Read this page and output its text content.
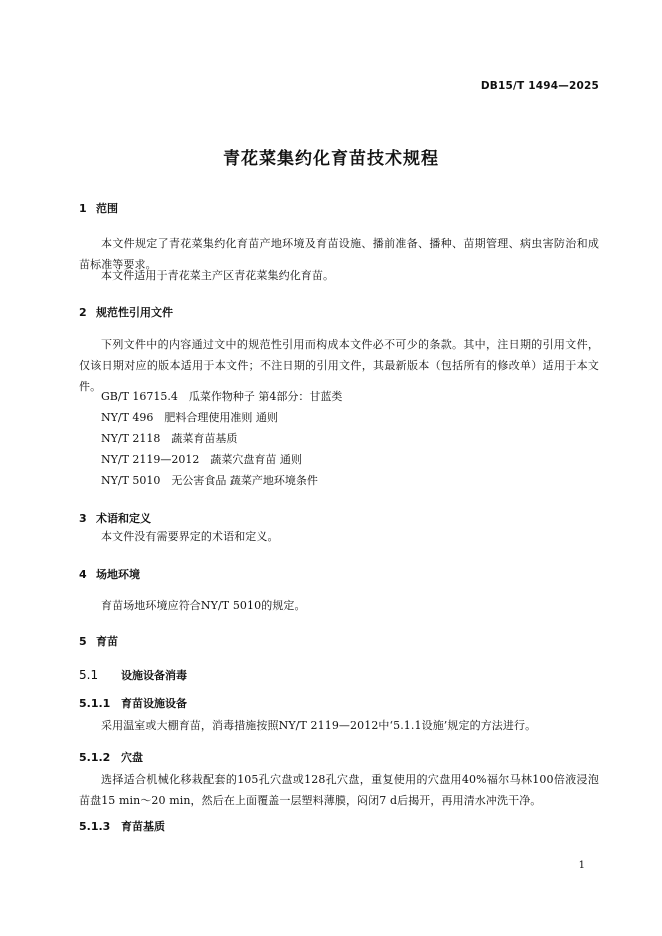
DB15/T 1494—2025
青花菜集约化育苗技术规程
1 范围
本文件规定了青花菜集约化育苗产地环境及育苗设施、播前准备、播种、苗期管理、病虫害防治和成苗标准等要求。
本文件适用于青花菜主产区青花菜集约化育苗。
2 规范性引用文件
下列文件中的内容通过文中的规范性引用而构成本文件必不可少的条款。其中，注日期的引用文件，仅该日期对应的版本适用于本文件；不注日期的引用文件，其最新版本（包括所有的修改单）适用于本文件。
GB/T 16715.4　瓜菜作物种子 第4部分：甘蓝类
NY/T 496　肥料合理使用准则 通则
NY/T 2118　蔬菜育苗基质
NY/T 2119—2012　蔬菜穴盘育苗 通则
NY/T 5010　无公害食品 蔬菜产地环境条件
3 术语和定义
本文件没有需要界定的术语和定义。
4 场地环境
育苗场地环境应符合NY/T 5010的规定。
5 育苗
5.1 设施设备消毒
5.1.1 育苗设施设备
采用温室或大棚育苗，消毒措施按照NY/T 2119—2012中‘5.1.1设施’规定的方法进行。
5.1.2 穴盘
选择适合机械化移栽配套的105孔穴盘或128孔穴盘，重复使用的穴盘用40%福尔马林100倍液浸泡苗盘15 min～20 min，然后在上面覆盖一层塑料薄膜，闷闭7 d后揭开，再用清水冲洗干净。
5.1.3 育苗基质
1
